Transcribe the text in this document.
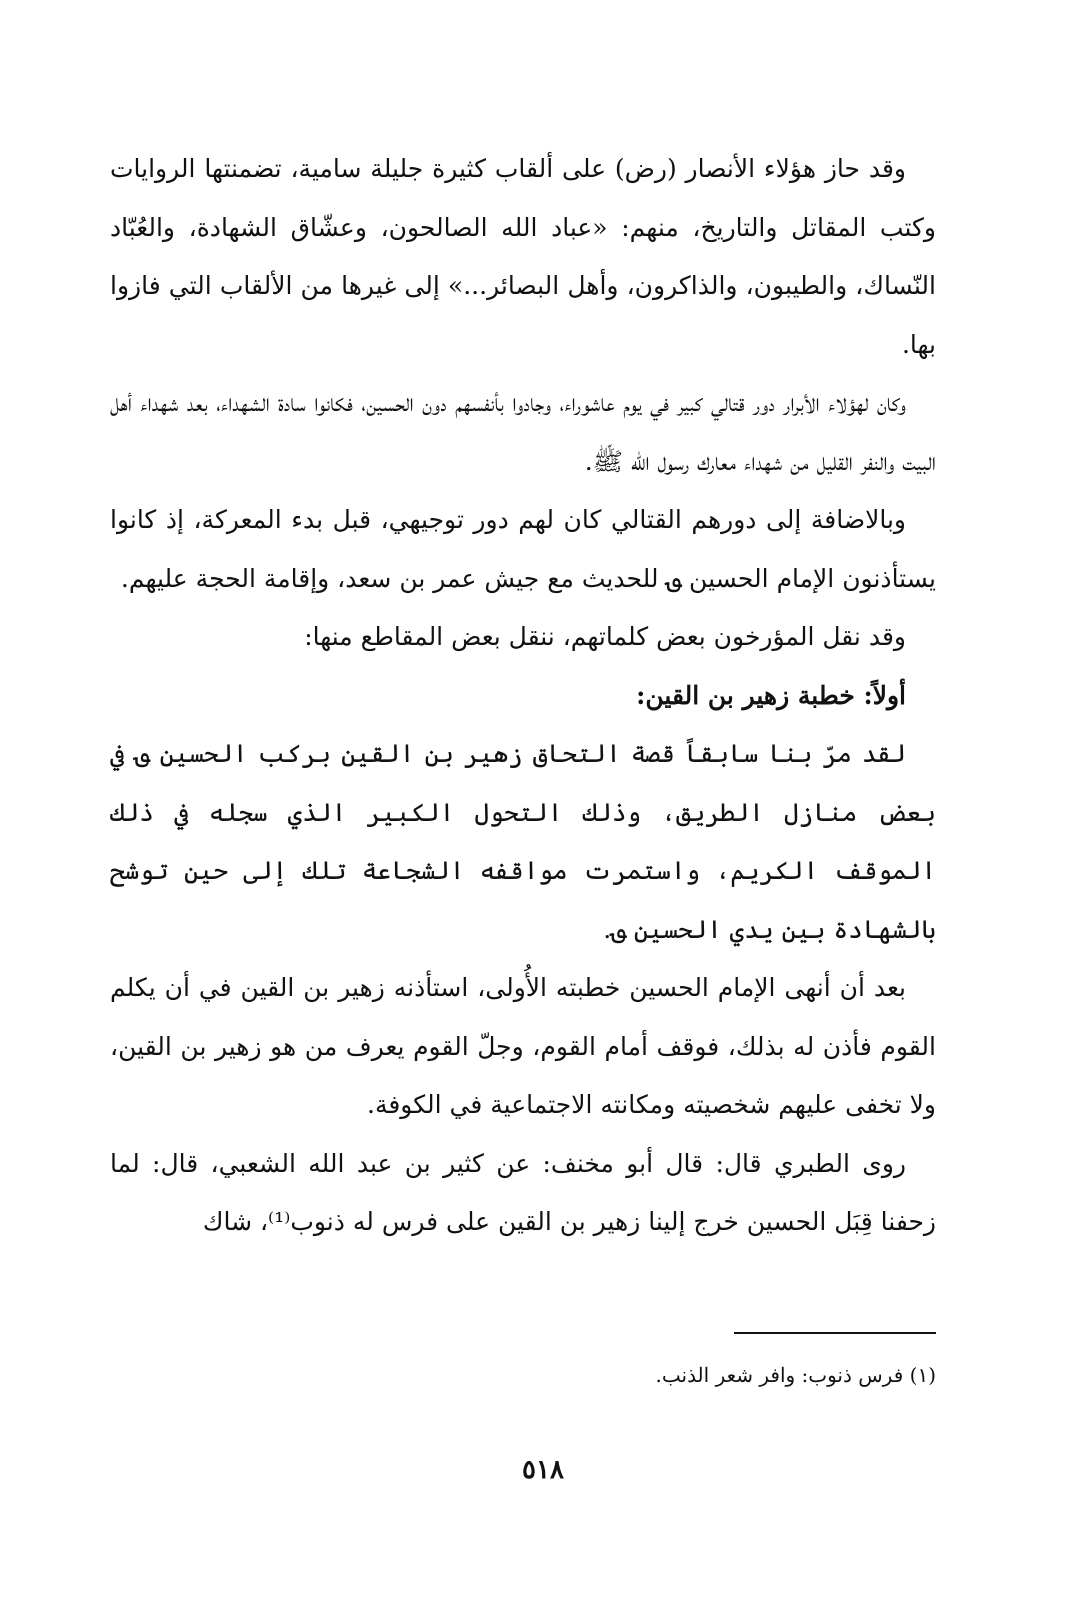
وقد حاز هؤلاء الأنصار (رض) على ألقاب كثيرة جليلة سامية، تضمنتها الروايات وكتب المقاتل والتاريخ، منهم: «عباد الله الصالحون، وعشّاق الشهادة، والعُبّاد النّساك، والطيبون، والذاكرون، وأهل البصائر...» إلى غيرها من الألقاب التي فازوا بها.

وكان لهؤلاء الأبرار دور قتالي كبير في يوم عاشوراء، وجادوا بأنفسهم دون الحسين، فكانوا سادة الشهداء، بعد شهداء أهل البيت والنفر القليل من شهداء معارك رسول الله ﷺ.

وبالاضافة إلى دورهم القتالي كان لهم دور توجيهي، قبل بدء المعركة، إذ كانوا يستأذنون الإمام الحسين ؈ للحديث مع جيش عمر بن سعد، وإقامة الحجة عليهم.

وقد نقل المؤرخون بعض كلماتهم، ننقل بعض المقاطع منها:

أولاً: خطبة زهير بن القين:

لقد مرّ بنا سابقاً قصة التحاق زهير بن القين بركب الحسين ؈ في بعض منازل الطريق، وذلك التحول الكبير الذي سجله في ذلك الموقف الكريم، واستمرت مواقفه الشجاعة تلك إلى حين توشح بالشهادة بين يدي الحسين ؈.

بعد أن أنهى الإمام الحسين خطبته الأُولى، استأذنه زهير بن القين في أن يكلم القوم فأذن له بذلك، فوقف أمام القوم، وجلّ القوم يعرف من هو زهير بن القين، ولا تخفى عليهم شخصيته ومكانته الاجتماعية في الكوفة.

روى الطبري قال: قال أبو مخنف: عن كثير بن عبد الله الشعبي، قال: لما زحفنا قِبَل الحسين خرج إلينا زهير بن القين على فرس له ذنوب⁽¹⁾، شاك

(١) فرس ذنوب: وافر شعر الذنب.
٥١٨
